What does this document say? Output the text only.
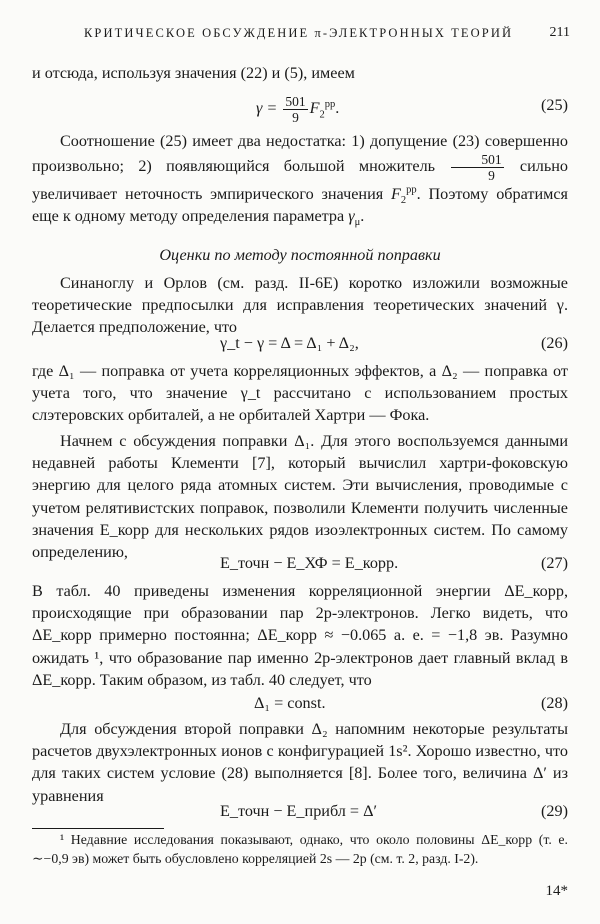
КРИТИЧЕСКОЕ ОБСУЖДЕНИЕ π-ЭЛЕКТРОННЫХ ТЕОРИЙ	211

и отсюда, используя значения (22) и (5), имеем

$\gamma = \frac{501}{9} F_2^{pp}$.	(25)

Соотношение (25) имеет два недостатка: 1) допущение (23) совершенно произвольно; 2) появляющийся большой множитель $\frac{501}{9}$ сильно увеличивает неточность эмпирического значения $F_2^{pp}$. Поэтому обратимся еще к одному методу определения параметра $\gamma_\mu$.

Оценки по методу постоянной поправки

Синаноглу и Орлов (см. разд. II-6E) коротко изложили возможные теоретические предпосылки для исправления теоретических значений γ. Делается предположение, что

γ_t − γ = Δ = Δ₁ + Δ₂,	(26)

где Δ₁ — поправка от учета корреляционных эффектов, а Δ₂ — поправка от учета того, что значение γ_t рассчитано с использованием простых слэтеровских орбиталей, а не орбиталей Хартри — Фока.

Начнем с обсуждения поправки Δ₁. Для этого воспользуемся данными недавней работы Клементи [7], который вычислил хартри-фоковскую энергию для целого ряда атомных систем. Эти вычисления, проводимые с учетом релятивистских поправок, позволили Клементи получить численные значения E_корр для нескольких рядов изоэлектронных систем. По самому определению,

E_точн − E_ХФ = E_корр.	(27)

В табл. 40 приведены изменения корреляционной энергии ΔE_корр, происходящие при образовании пар 2p-электронов. Легко видеть, что ΔE_корр примерно постоянна; ΔE_корр ≈ −0.065 а. е. = −1,8 эв. Разумно ожидать ¹, что образование пар именно 2p-электронов дает главный вклад в ΔE_корр. Таким образом, из табл. 40 следует, что

Δ₁ = const.	(28)

Для обсуждения второй поправки Δ₂ напомним некоторые результаты расчетов двухэлектронных ионов с конфигурацией 1s². Хорошо известно, что для таких систем условие (28) выполняется [8]. Более того, величина Δ′ из уравнения

E_точн − E_прибл = Δ′	(29)

¹ Недавние исследования показывают, однако, что около половины ΔE_корр (т. е. ∼−0,9 эв) может быть обусловлено корреляцией 2s — 2p (см. т. 2, разд. I-2).

14*
